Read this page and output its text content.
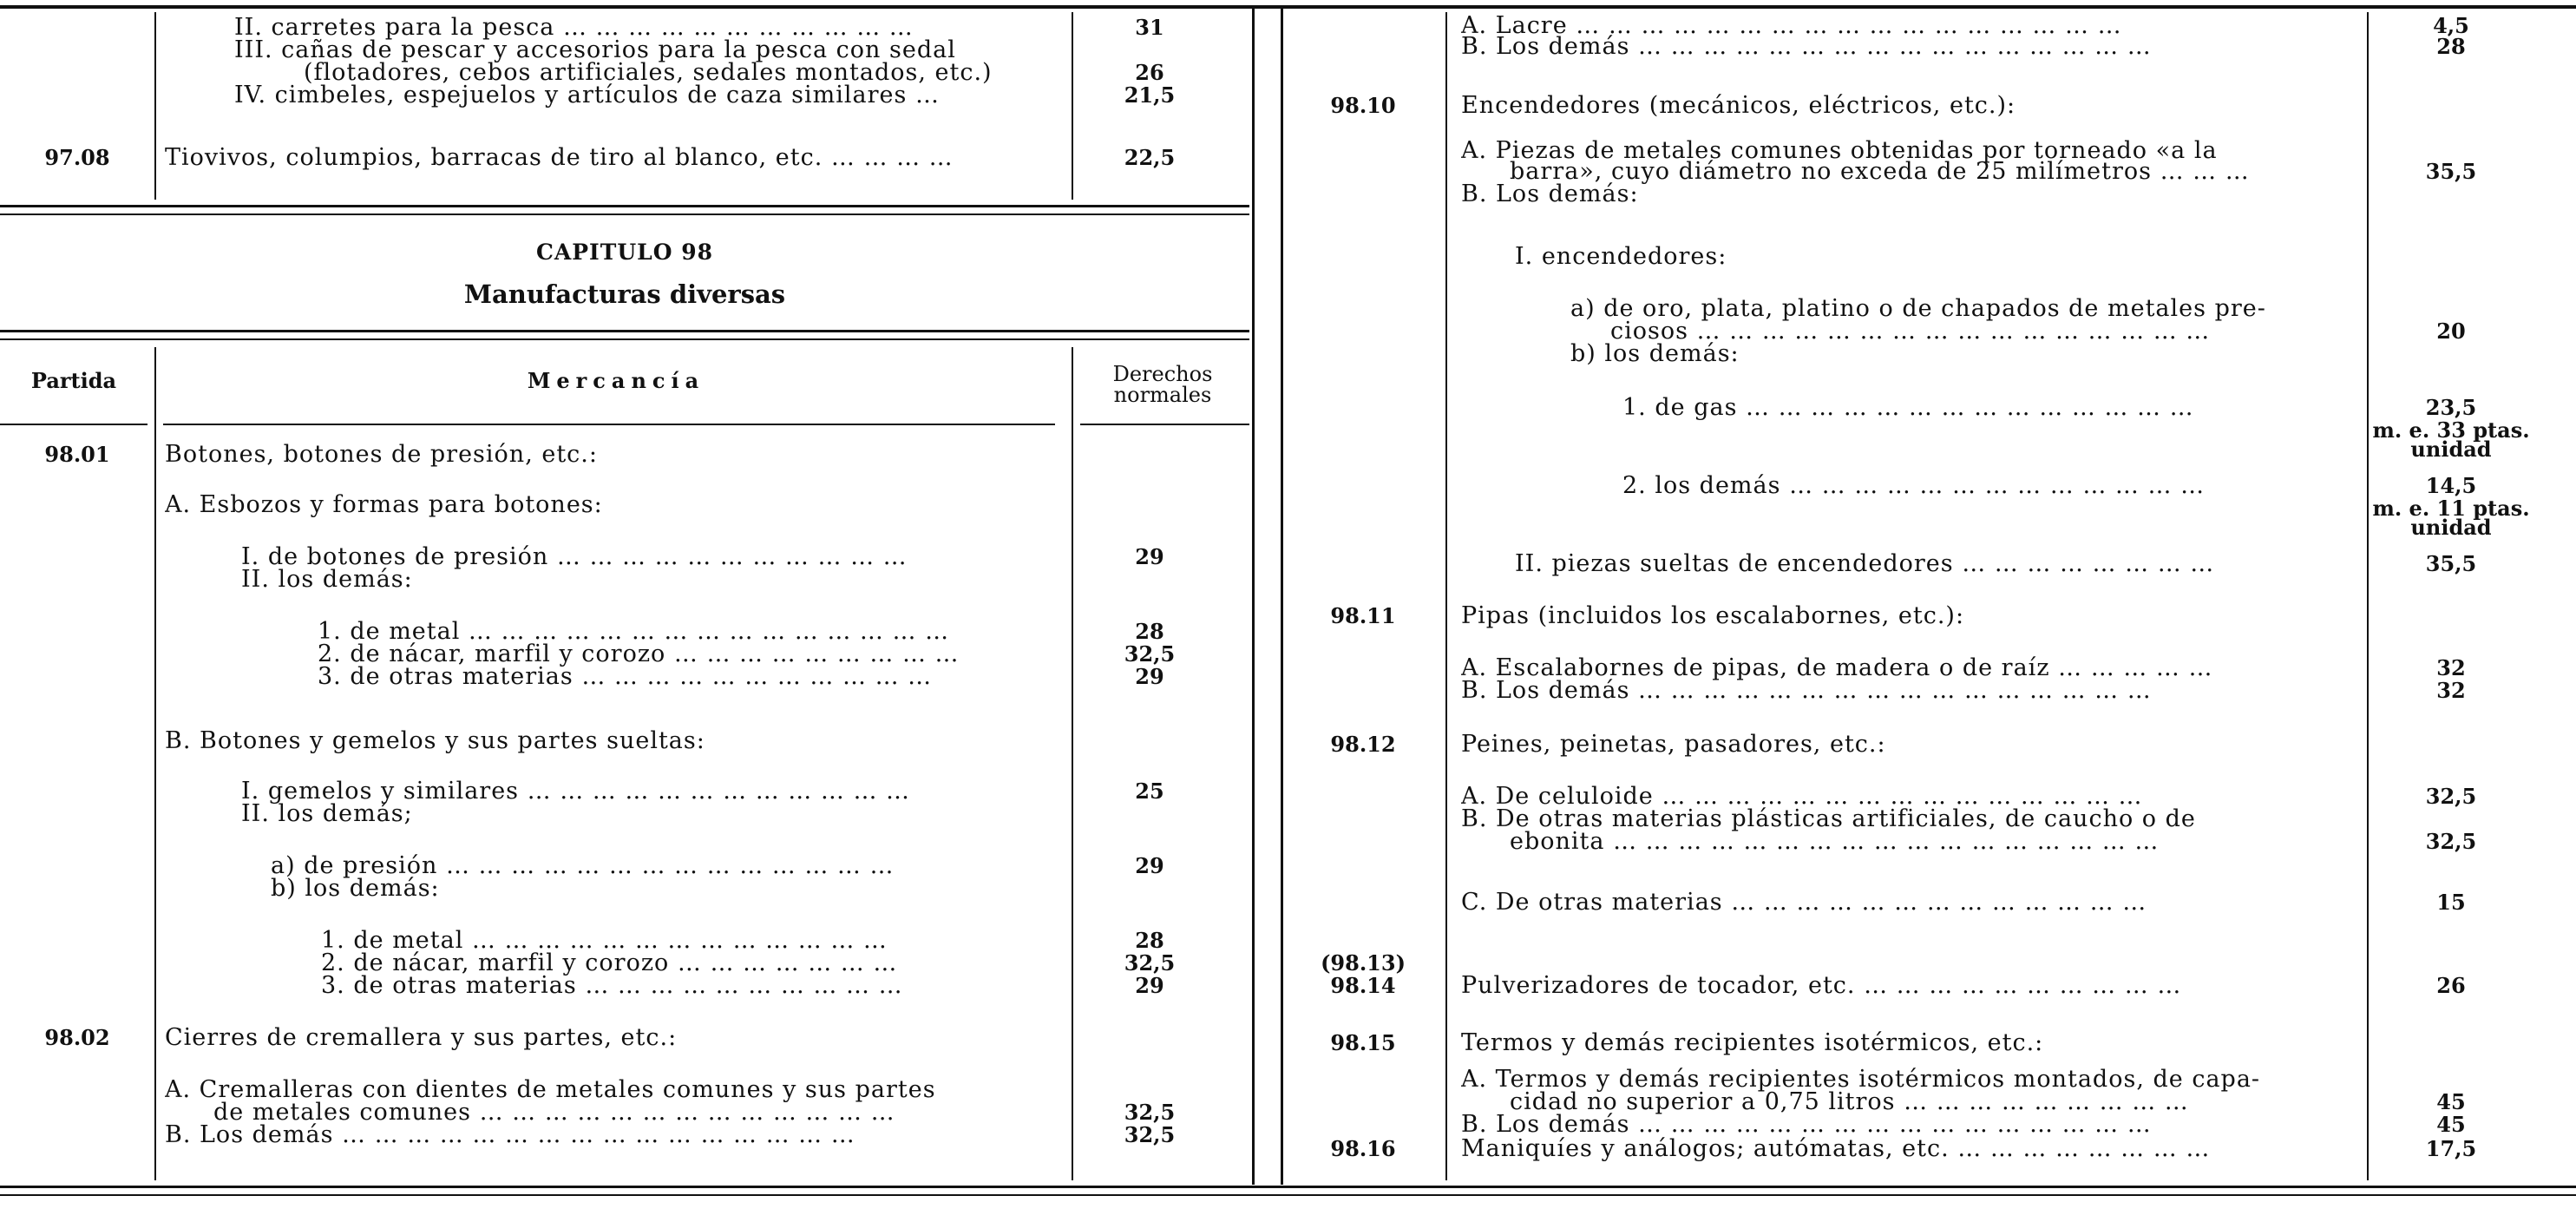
CAPITULO 98
Manufacturas diversas
Partida	Mercancía	Derechos
normales
II. carretes para la pesca … … … … … … … … … … …	31
III. cañas de pescar y accesorios para la pesca con sedal
(flotadores, cebos artificiales, sedales montados, etc.)	26
IV. cimbeles, espejuelos y artículos de caza similares …	21,5
97.08	Tiovivos, columpios, barracas de tiro al blanco, etc. … … … …	22,5
98.01	Botones, botones de presión, etc.:
A. Esbozos y formas para botones:
I. de botones de presión … … … … … … … … … … …	29
II. los demás:
1. de metal … … … … … … … … … … … … … … …	28
2. de nácar, marfil y corozo … … … … … … … … …	32,5
3. de otras materias … … … … … … … … … … …	29
B. Botones y gemelos y sus partes sueltas:
I. gemelos y similares … … … … … … … … … … … …	25
II. los demás;
a) de presión … … … … … … … … … … … … … …	29
b) los demás:
1. de metal … … … … … … … … … … … … …	28
2. de nácar, marfil y corozo … … … … … … …	32,5
3. de otras materias … … … … … … … … … …	29
98.02	Cierres de cremallera y sus partes, etc.:
A. Cremalleras con dientes de metales comunes y sus partes
de metales comunes … … … … … … … … … … … … …	32,5
B. Los demás … … … … … … … … … … … … … … … …	32,5
A. Lacre … … … … … … … … … … … … … … … … …	4,5
B. Los demás … … … … … … … … … … … … … … … …	28
98.10	Encendedores (mecánicos, eléctricos, etc.):
A. Piezas de metales comunes obtenidas por torneado «a la
barra», cuyo diámetro no exceda de 25 milímetros … … …	35,5
B. Los demás:
I. encendedores:
a) de oro, plata, platino o de chapados de metales pre-
ciosos … … … … … … … … … … … … … … … …	20
b) los demás:
1. de gas … … … … … … … … … … … … … …	23,5
m. e. 33 ptas.
unidad
2. los demás … … … … … … … … … … … … …	14,5
m. e. 11 ptas.
unidad
II. piezas sueltas de encendedores … … … … … … … …	35,5
98.11	Pipas (incluidos los escalabornes, etc.):
A. Escalabornes de pipas, de madera o de raíz … … … … …	32
B. Los demás … … … … … … … … … … … … … … … …	32
98.12	Peines, peinetas, pasadores, etc.:
A. De celuloide … … … … … … … … … … … … … … …	32,5
B. De otras materias plásticas artificiales, de caucho o de
ebonita … … … … … … … … … … … … … … … … …	32,5
C. De otras materias … … … … … … … … … … … … …	15
(98.13)
98.14	Pulverizadores de tocador, etc. … … … … … … … … … …	26
98.15	Termos y demás recipientes isotérmicos, etc.:
A. Termos y demás recipientes isotérmicos montados, de capa-
cidad no superior a 0,75 litros … … … … … … … … …	45
B. Los demás … … … … … … … … … … … … … … … …	45
98.16	Maniquíes y análogos; autómatas, etc. … … … … … … … …	17,5
